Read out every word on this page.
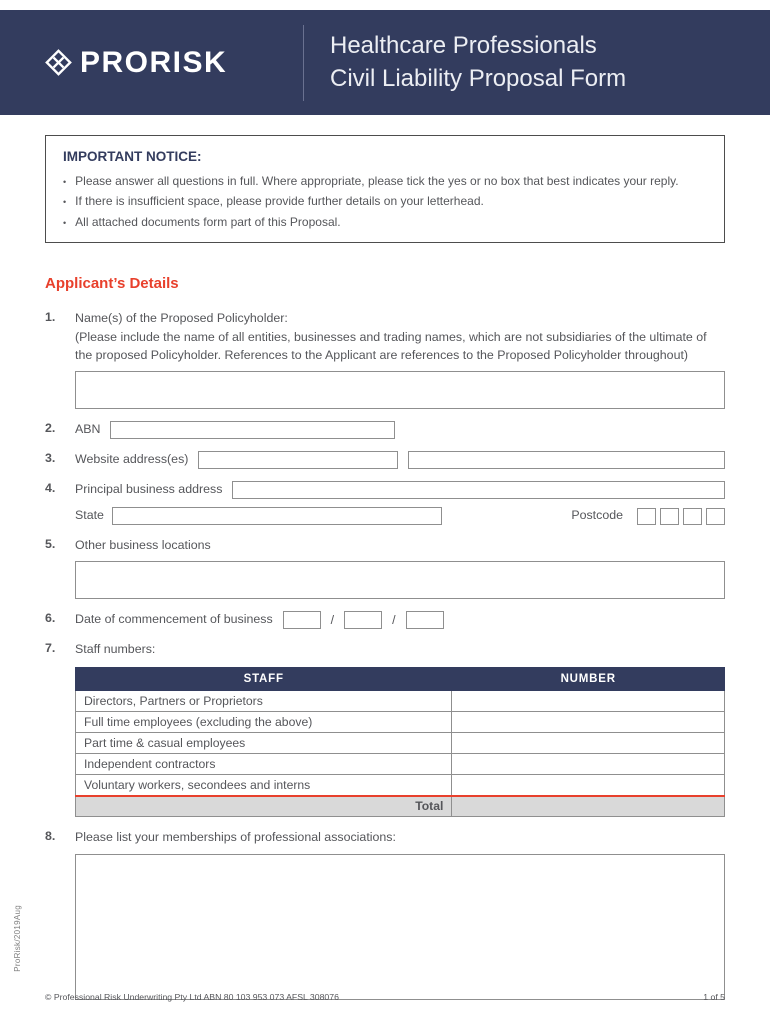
PRORISK	Healthcare Professionals
Civil Liability Proposal Form
IMPORTANT NOTICE:
• Please answer all questions in full. Where appropriate, please tick the yes or no box that best indicates your reply.
• If there is insufficient space, please provide further details on your letterhead.
• All attached documents form part of this Proposal.
Applicant’s Details
1.	Name(s) of the Proposed Policyholder:
(Please include the name of all entities, businesses and trading names, which are not subsidiaries of the ultimate of the proposed Policyholder. References to the Applicant are references to the Proposed Policyholder throughout)
2.	ABN
3.	Website address(es)
4.	Principal business address
State	Postcode
5.	Other business locations
6.	Date of commencement of business	/	/
7.	Staff numbers:
STAFF	NUMBER
Directors, Partners or Proprietors	
Full time employees (excluding the above)	
Part time & casual employees	
Independent contractors	
Voluntary workers, secondees and interns	
Total	
8.	Please list your memberships of professional associations:
ProRisk/2019Aug
© Professional Risk Underwriting Pty Ltd ABN 80 103 953 073 AFSL 308076	1 of 5
